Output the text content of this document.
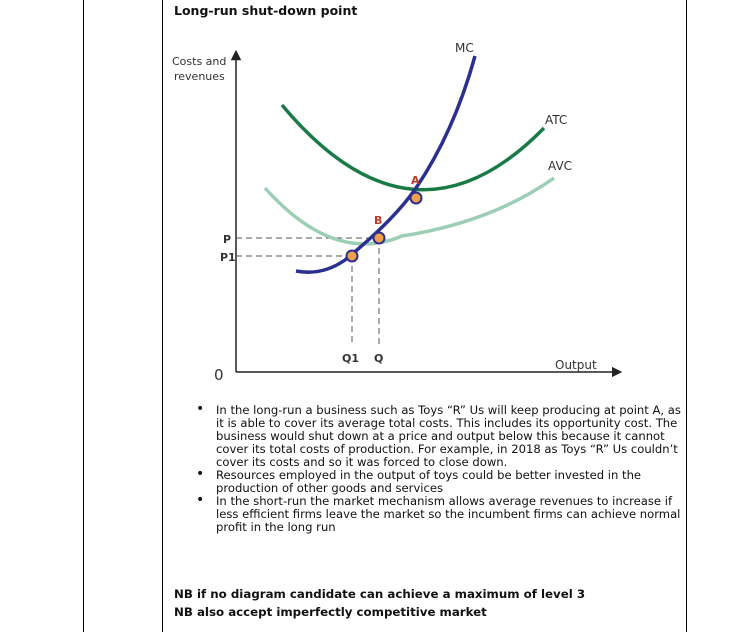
Long-run shut-down point
Costs and
revenues
0
Output
MC
ATC
AVC
A
B
P
P1
Q1 Q
• In the long-run a business such as Toys “R” Us will keep producing at point A, as it is able to cover its average total costs. This includes its opportunity cost. The business would shut down at a price and output below this because it cannot cover its total costs of production. For example, in 2018 as Toys “R” Us couldn’t cover its costs and so it was forced to close down.
• Resources employed in the output of toys could be better invested in the production of other goods and services
• In the short-run the market mechanism allows average revenues to increase if less efficient firms leave the market so the incumbent firms can achieve normal profit in the long run
NB if no diagram candidate can achieve a maximum of level 3
NB also accept imperfectly competitive market
